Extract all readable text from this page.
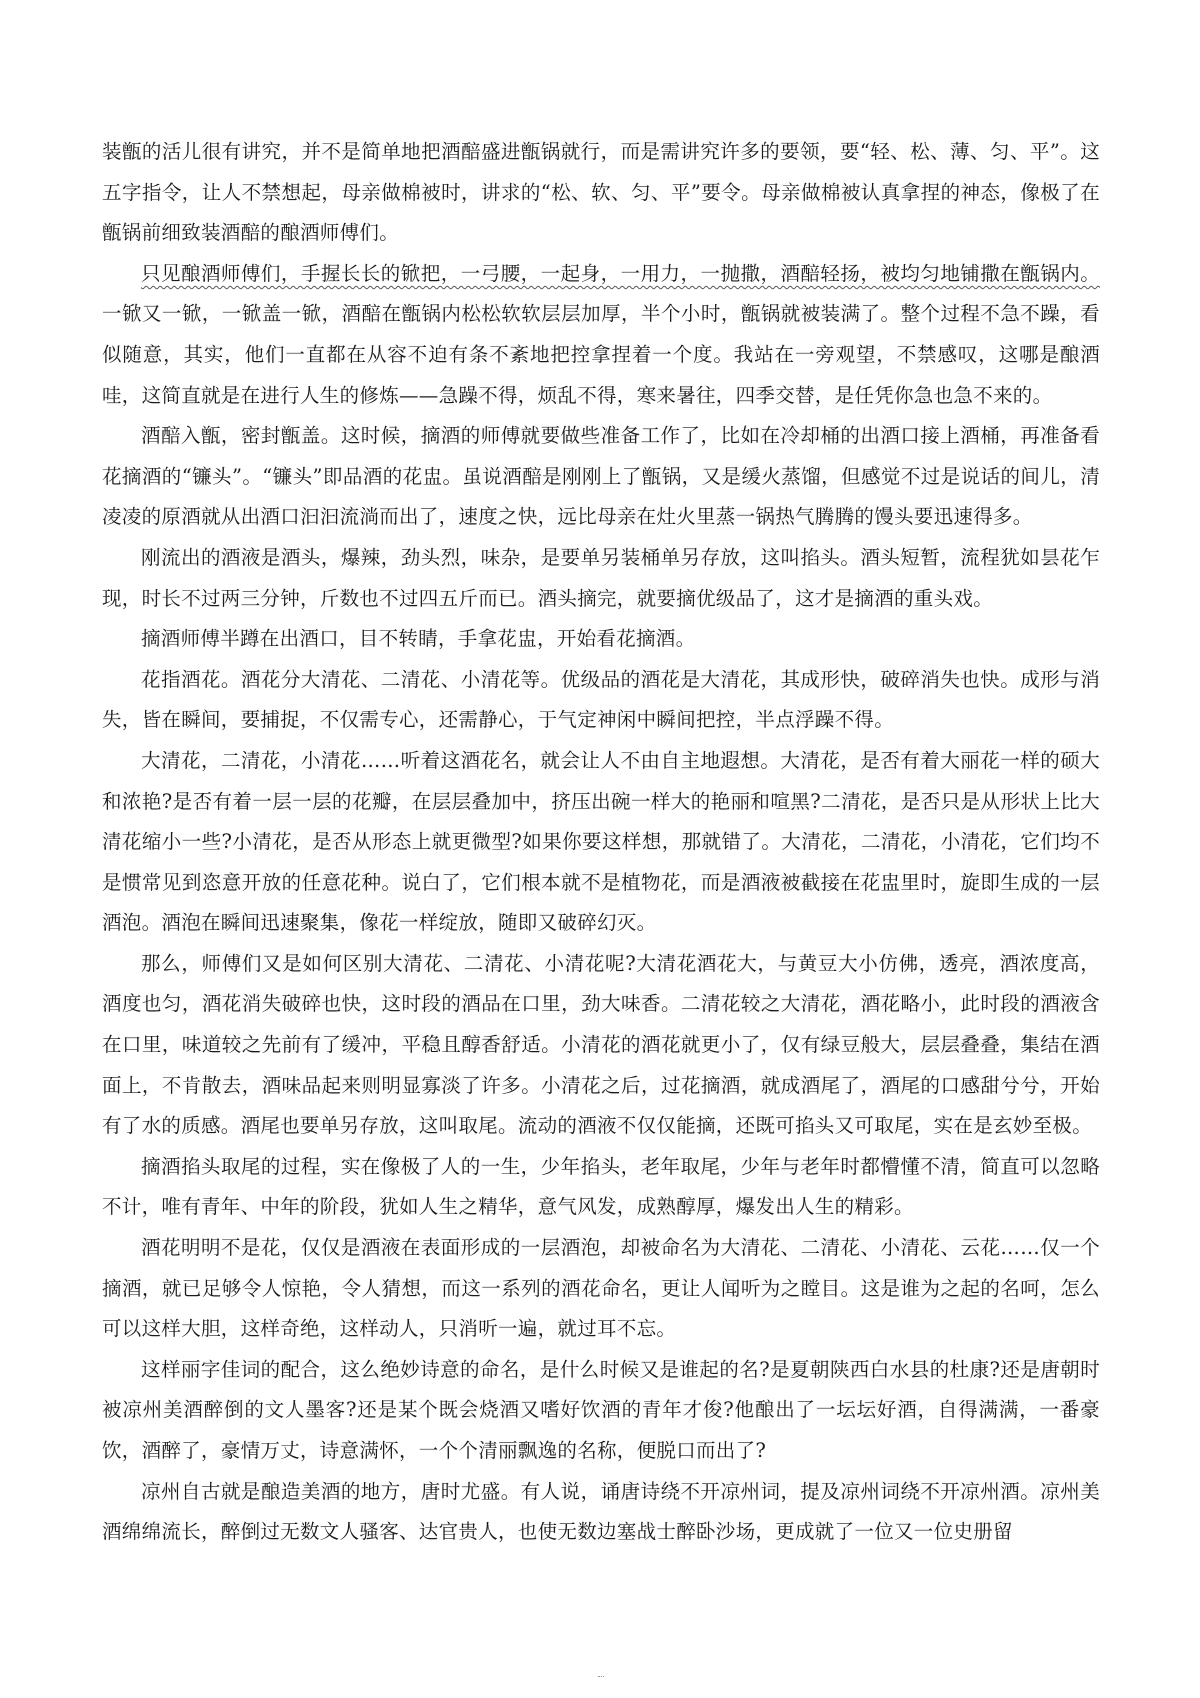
装甑的活儿很有讲究，并不是简单地把酒醅盛进甑锅就行，而是需讲究许多的要领，要“轻、松、薄、匀、平”。这五字指令，让人不禁想起，母亲做棉被时，讲求的“松、软、匀、平”要令。母亲做棉被认真拿捏的神态，像极了在甑锅前细致装酒醅的酿酒师傅们。

只见酿酒师傅们，手握长长的锨把，一弓腰，一起身，一用力，一抛撒，酒醅轻扬，被均匀地铺撒在甑锅内。一锨又一锨，一锨盖一锨，酒醅在甑锅内松松软软层层加厚，半个小时，甑锅就被装满了。整个过程不急不躁，看似随意，其实，他们一直都在从容不迫有条不紊地把控拿捏着一个度。我站在一旁观望，不禁感叹，这哪是酿酒哇，这简直就是在进行人生的修炼——急躁不得，烦乱不得，寒来暑往，四季交替，是任凭你急也急不来的。

酒醅入甑，密封甑盖。这时候，摘酒的师傅就要做些准备工作了，比如在冷却桶的出酒口接上酒桶，再准备看花摘酒的“镰头”。“镰头”即品酒的花盅。虽说酒醅是刚刚上了甑锅，又是缓火蒸馏，但感觉不过是说话的间儿，清凌凌的原酒就从出酒口汩汩流淌而出了，速度之快，远比母亲在灶火里蒸一锅热气腾腾的馒头要迅速得多。

刚流出的酒液是酒头，爆辣，劲头烈，味杂，是要单另装桶单另存放，这叫掐头。酒头短暂，流程犹如昙花乍现，时长不过两三分钟，斤数也不过四五斤而已。酒头摘完，就要摘优级品了，这才是摘酒的重头戏。

摘酒师傅半蹲在出酒口，目不转睛，手拿花盅，开始看花摘酒。

花指酒花。酒花分大清花、二清花、小清花等。优级品的酒花是大清花，其成形快，破碎消失也快。成形与消失，皆在瞬间，要捕捉，不仅需专心，还需静心，于气定神闲中瞬间把控，半点浮躁不得。

大清花，二清花，小清花……听着这酒花名，就会让人不由自主地遐想。大清花，是否有着大丽花一样的硕大和浓艳?是否有着一层一层的花瓣，在层层叠加中，挤压出碗一样大的艳丽和喧黑?二清花，是否只是从形状上比大清花缩小一些?小清花，是否从形态上就更微型?如果你要这样想，那就错了。大清花，二清花，小清花，它们均不是惯常见到恣意开放的任意花种。说白了，它们根本就不是植物花，而是酒液被截接在花盅里时，旋即生成的一层酒泡。酒泡在瞬间迅速聚集，像花一样绽放，随即又破碎幻灭。

那么，师傅们又是如何区别大清花、二清花、小清花呢?大清花酒花大，与黄豆大小仿佛，透亮，酒浓度高，酒度也匀，酒花消失破碎也快，这时段的酒品在口里，劲大味香。二清花较之大清花，酒花略小，此时段的酒液含在口里，味道较之先前有了缓冲，平稳且醇香舒适。小清花的酒花就更小了，仅有绿豆般大，层层叠叠，集结在酒面上，不肯散去，酒味品起来则明显寡淡了许多。小清花之后，过花摘酒，就成酒尾了，酒尾的口感甜兮兮，开始有了水的质感。酒尾也要单另存放，这叫取尾。流动的酒液不仅仅能摘，还既可掐头又可取尾，实在是玄妙至极。

摘酒掐头取尾的过程，实在像极了人的一生，少年掐头，老年取尾，少年与老年时都懵懂不清，简直可以忽略不计，唯有青年、中年的阶段，犹如人生之精华，意气风发，成熟醇厚，爆发出人生的精彩。

酒花明明不是花，仅仅是酒液在表面形成的一层酒泡，却被命名为大清花、二清花、小清花、云花……仅一个摘酒，就已足够令人惊艳，令人猜想，而这一系列的酒花命名，更让人闻听为之瞠目。这是谁为之起的名呵，怎么可以这样大胆，这样奇绝，这样动人，只消听一遍，就过耳不忘。

这样丽字佳词的配合，这么绝妙诗意的命名，是什么时候又是谁起的名?是夏朝陕西白水县的杜康?还是唐朝时被凉州美酒醉倒的文人墨客?还是某个既会烧酒又嗜好饮酒的青年才俊?他酿出了一坛坛好酒，自得满满，一番豪饮，酒醉了，豪情万丈，诗意满怀，一个个清丽飘逸的名称，便脱口而出了?

凉州自古就是酿造美酒的地方，唐时尤盛。有人说，诵唐诗绕不开凉州词，提及凉州词绕不开凉州酒。凉州美酒绵绵流长，醉倒过无数文人骚客、达官贵人，也使无数边塞战士醉卧沙场，更成就了一位又一位史册留
